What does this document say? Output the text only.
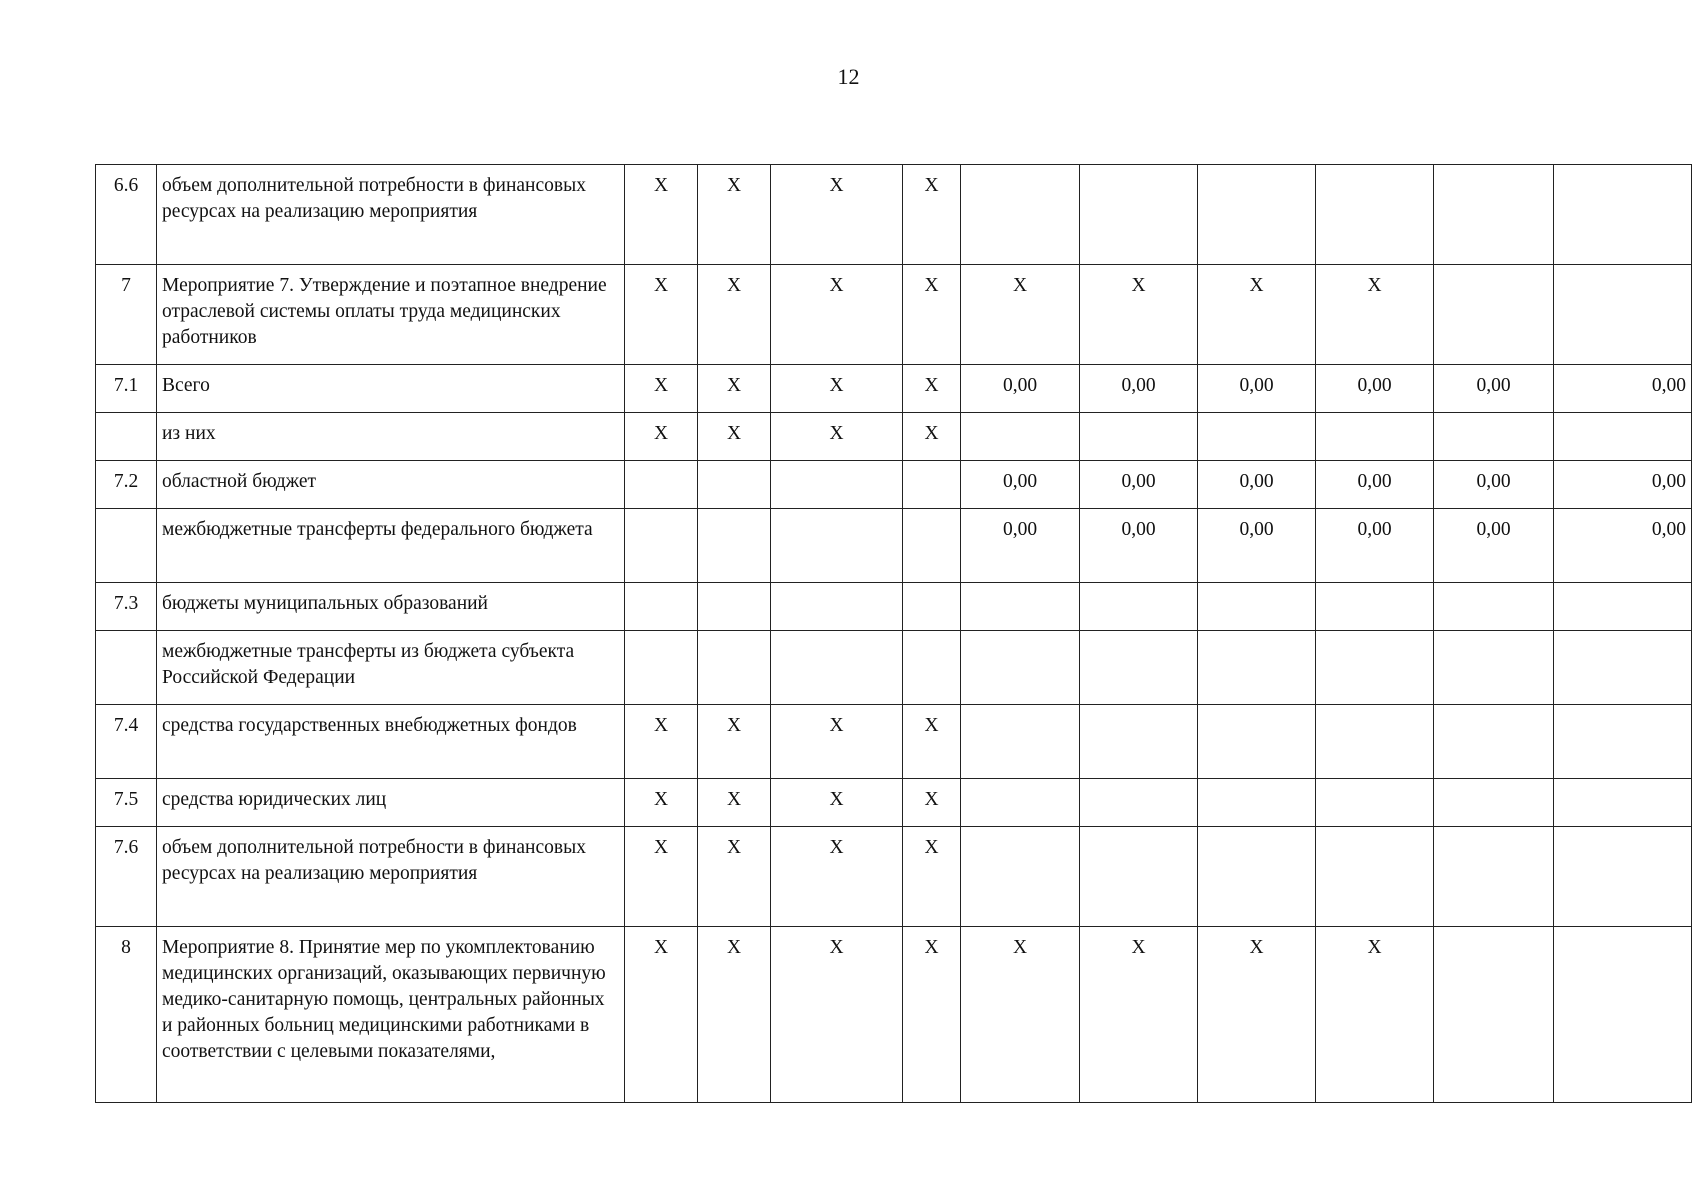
12
6.6	объем дополнительной потребности в финансовых ресурсах на реализацию мероприятия	X	X	X	X						
7	Мероприятие 7. Утверждение и поэтапное внедрение отраслевой системы оплаты труда медицинских работников	X	X	X	X	X	X	X	X		
7.1	Всего	X	X	X	X	0,00	0,00	0,00	0,00	0,00	0,00
	из них	X	X	X	X						
7.2	областной бюджет					0,00	0,00	0,00	0,00	0,00	0,00
	межбюджетные трансферты федерального бюджета					0,00	0,00	0,00	0,00	0,00	0,00
7.3	бюджеты муниципальных образований										
	межбюджетные трансферты из бюджета субъекта Российской Федерации										
7.4	средства государственных внебюджетных фондов	X	X	X	X						
7.5	средства юридических лиц	X	X	X	X						
7.6	объем дополнительной потребности в финансовых ресурсах на реализацию мероприятия	X	X	X	X						
8	Мероприятие 8. Принятие мер по укомплектованию медицинских организаций, оказывающих первичную медико-санитарную помощь, центральных районных и районных больниц медицинскими работниками в соответствии с целевыми показателями,	X	X	X	X	X	X	X	X		
